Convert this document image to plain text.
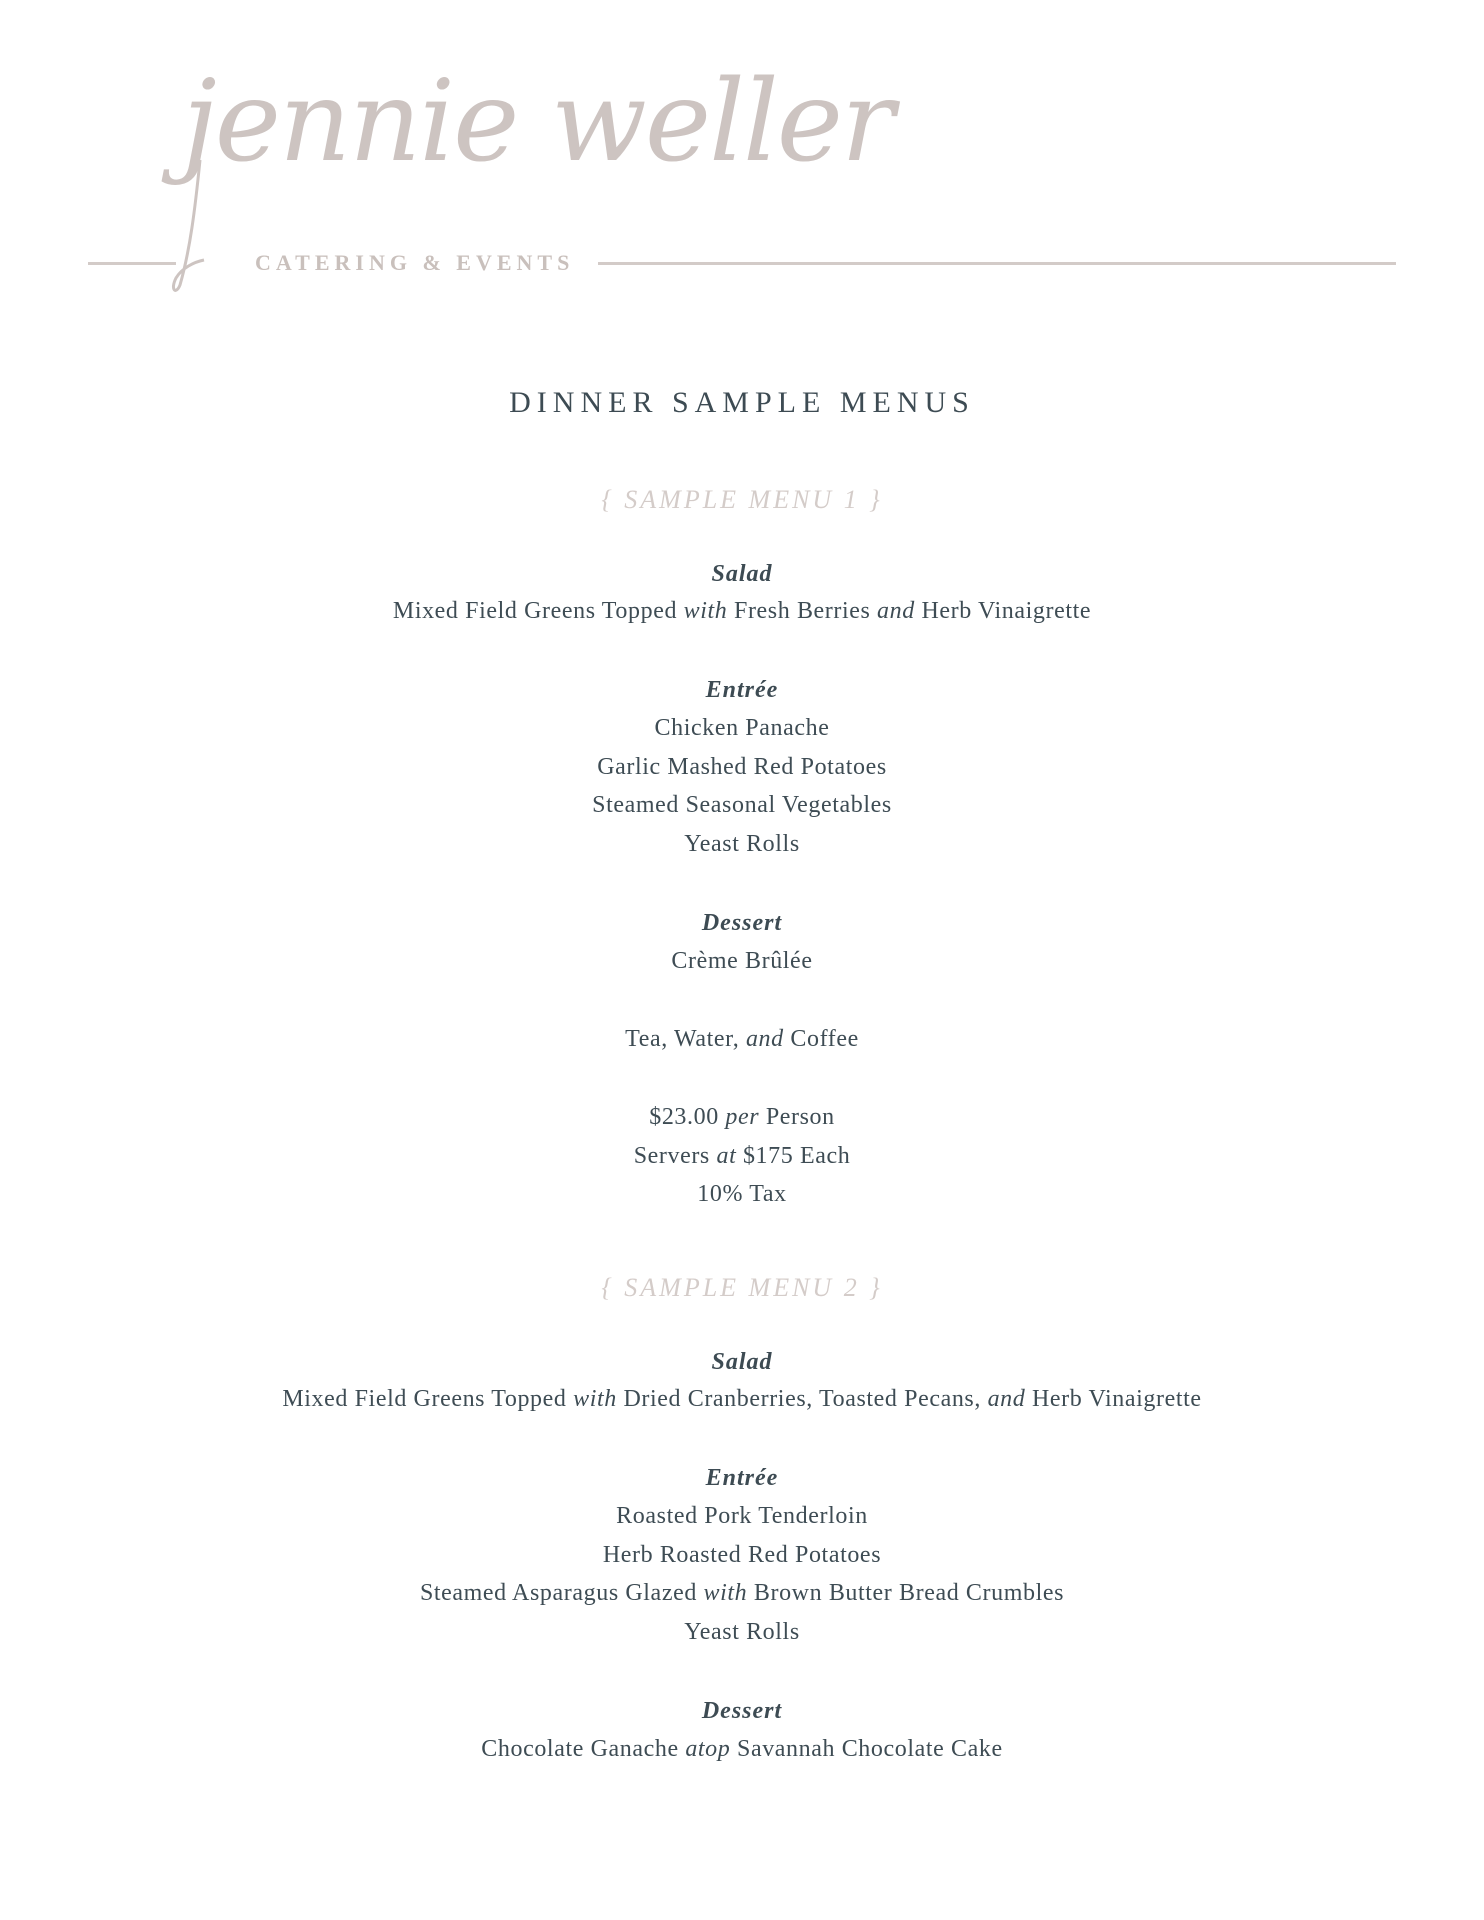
jennie weller
CATERING & EVENTS
DINNER SAMPLE MENUS
{ SAMPLE MENU 1 }
Salad
Mixed Field Greens Topped with Fresh Berries and Herb Vinaigrette
Entrée
Chicken Panache
Garlic Mashed Red Potatoes
Steamed Seasonal Vegetables
Yeast Rolls
Dessert
Crème Brûlée
Tea, Water, and Coffee
$23.00 per Person
Servers at $175 Each
10% Tax
{ SAMPLE MENU 2 }
Salad
Mixed Field Greens Topped with Dried Cranberries, Toasted Pecans, and Herb Vinaigrette
Entrée
Roasted Pork Tenderloin
Herb Roasted Red Potatoes
Steamed Asparagus Glazed with Brown Butter Bread Crumbles
Yeast Rolls
Dessert
Chocolate Ganache atop Savannah Chocolate Cake
